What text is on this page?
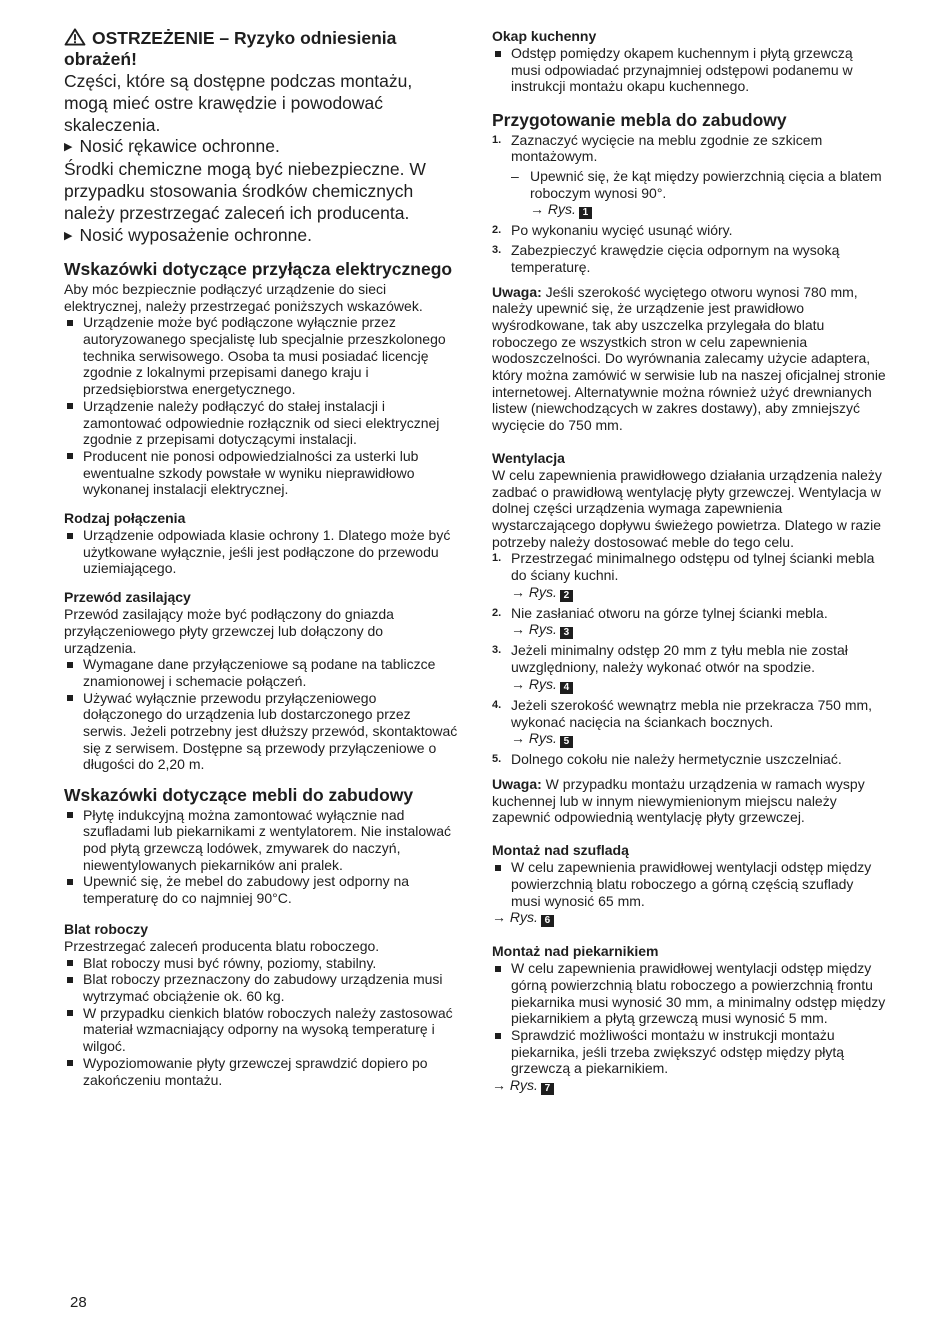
OSTRZEŻENIE – Ryzyko odniesienia obrażeń!

Części, które są dostępne podczas montażu, mogą mieć ostre krawędzie i powodować skaleczenia.

▶ Nosić rękawice ochronne.

Środki chemiczne mogą być niebezpieczne. W przypadku stosowania środków chemicznych należy przestrzegać zaleceń ich producenta.

▶ Nosić wyposażenie ochronne.

Wskazówki dotyczące przyłącza elektrycznego

Aby móc bezpiecznie podłączyć urządzenie do sieci elektrycznej, należy przestrzegać poniższych wskazówek.

Urządzenie może być podłączone wyłącznie przez autoryzowanego specjalistę lub specjalnie przeszkolonego technika serwisowego. Osoba ta musi posiadać licencję zgodnie z lokalnymi przepisami danego kraju i przedsiębiorstwa energetycznego.
Urządzenie należy podłączyć do stałej instalacji i zamontować odpowiednie rozłącznik od sieci elektrycznej zgodnie z przepisami dotyczącymi instalacji.
Producent nie ponosi odpowiedzialności za usterki lub ewentualne szkody powstałe w wyniku nieprawidłowo wykonanej instalacji elektrycznej.
Rodzaj połączenia
Urządzenie odpowiada klasie ochrony 1. Dlatego może być użytkowane wyłącznie, jeśli jest podłączone do przewodu uziemiającego.
Przewód zasilający

Przewód zasilający może być podłączony do gniazda przyłączeniowego płyty grzewczej lub dołączony do urządzenia.

Wymagane dane przyłączeniowe są podane na tabliczce znamionowej i schemacie połączeń.
Używać wyłącznie przewodu przyłączeniowego dołączonego do urządzenia lub dostarczonego przez serwis. Jeżeli potrzebny jest dłuższy przewód, skontaktować się z serwisem. Dostępne są przewody przyłączeniowe o długości do 2,20 m.
Wskazówki dotyczące mebli do zabudowy
Płytę indukcyjną można zamontować wyłącznie nad szufladami lub piekarnikami z wentylatorem. Nie instalować pod płytą grzewczą lodówek, zmywarek do naczyń, niewentylowanych piekarników ani pralek.
Upewnić się, że mebel do zabudowy jest odporny na temperaturę do co najmniej 90°C.
Blat roboczy

Przestrzegać zaleceń producenta blatu roboczego.

Blat roboczy musi być równy, poziomy, stabilny.
Blat roboczy przeznaczony do zabudowy urządzenia musi wytrzymać obciążenie ok. 60 kg.
W przypadku cienkich blatów roboczych należy zastosować materiał wzmacniający odporny na wysoką temperaturę i wilgoć.
Wypoziomowanie płyty grzewczej sprawdzić dopiero po zakończeniu montażu.
Okap kuchenny
Odstęp pomiędzy okapem kuchennym i płytą grzewczą musi odpowiadać przynajmniej odstępowi podanemu w instrukcji montażu okapu kuchennego.
Przygotowanie mebla do zabudowy
1. Zaznaczyć wycięcie na meblu zgodnie ze szkicem montażowym.
– Upewnić się, że kąt między powierzchnią cięcia a blatem roboczym wynosi 90°.
→ Rys. 1
2. Po wykonaniu wycięć usunąć wióry.
3. Zabezpieczyć krawędzie cięcia odpornym na wysoką temperaturę.

Uwaga: Jeśli szerokość wyciętego otworu wynosi 780 mm, należy upewnić się, że urządzenie jest prawidłowo wyśrodkowane, tak aby uszczelka przylegała do blatu roboczego ze wszystkich stron w celu zapewnienia wodoszczelności. Do wyrównania zalecamy użycie adaptera, który można zamówić w serwisie lub na naszej oficjalnej stronie internetowej. Alternatywnie można również użyć drewnianych listew (niewchodzących w zakres dostawy), aby zmniejszyć wycięcie do 750 mm.

Wentylacja

W celu zapewnienia prawidłowego działania urządzenia należy zadbać o prawidłową wentylację płyty grzewczej. Wentylacja w dolnej części urządzenia wymaga zapewnienia wystarczającego dopływu świeżego powietrza. Dlatego w razie potrzeby należy dostosować meble do tego celu.

1. Przestrzegać minimalnego odstępu od tylnej ścianki mebla do ściany kuchni.
→ Rys. 2
2. Nie zasłaniać otworu na górze tylnej ścianki mebla.
→ Rys. 3
3. Jeżeli minimalny odstęp 20 mm z tyłu mebla nie został uwzględniony, należy wykonać otwór na spodzie.
→ Rys. 4
4. Jeżeli szerokość wewnątrz mebla nie przekracza 750 mm, wykonać nacięcia na ściankach bocznych.
→ Rys. 5
5. Dolnego cokołu nie należy hermetycznie uszczelniać.

Uwaga: W przypadku montażu urządzenia w ramach wyspy kuchennej lub w innym niewymienionym miejscu należy zapewnić odpowiednią wentylację płyty grzewczej.

Montaż nad szufladą
W celu zapewnienia prawidłowej wentylacji odstęp między powierzchnią blatu roboczego a górną częścią szuflady musi wynosić 65 mm.
→ Rys. 6
Montaż nad piekarnikiem
W celu zapewnienia prawidłowej wentylacji odstęp między górną powierzchnią blatu roboczego a powierzchnią frontu piekarnika musi wynosić 30 mm, a minimalny odstęp między piekarnikiem a płytą grzewczą musi wynosić 5 mm.
Sprawdzić możliwości montażu w instrukcji montażu piekarnika, jeśli trzeba zwiększyć odstęp między płytą grzewczą a piekarnikiem.
→ Rys. 7
28
